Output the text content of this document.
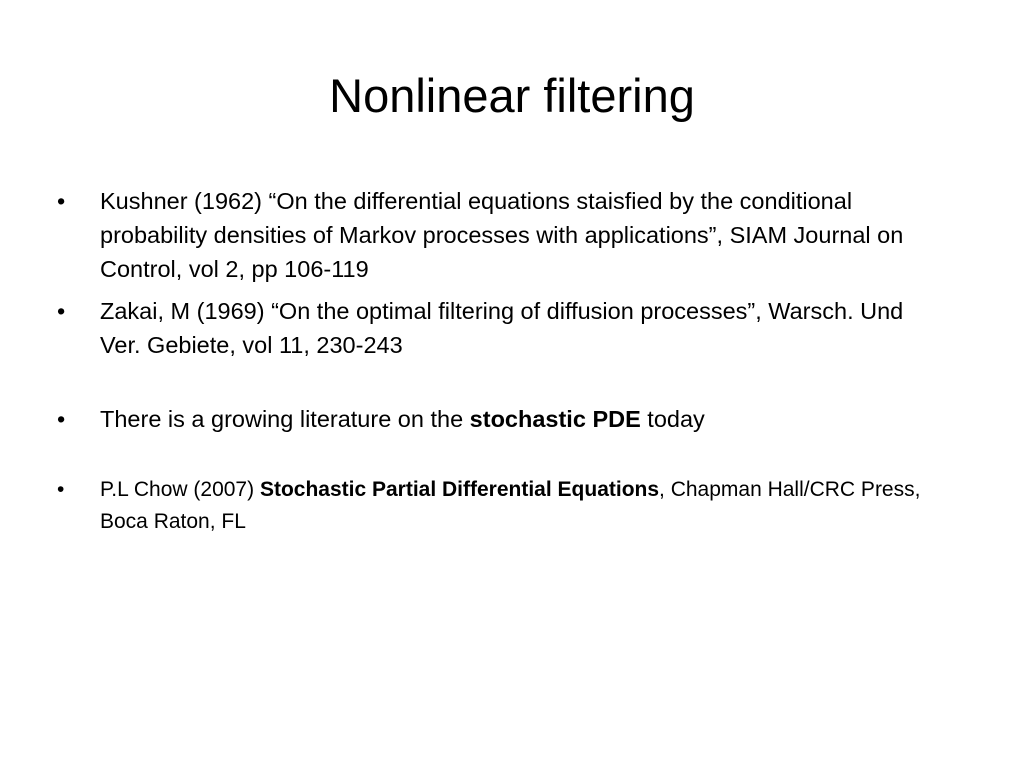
Nonlinear filtering
• Kushner (1962) “On the differential equations staisfied by the conditional probability densities of Markov processes with applications”, SIAM Journal on Control, vol 2, pp 106-119
• Zakai, M (1969) “On the optimal filtering of diffusion processes”, Warsch. Und Ver. Gebiete, vol 11, 230-243
• There is a growing literature on the stochastic PDE today
• P.L Chow (2007) Stochastic Partial Differential Equations, Chapman Hall/CRC Press, Boca Raton, FL
